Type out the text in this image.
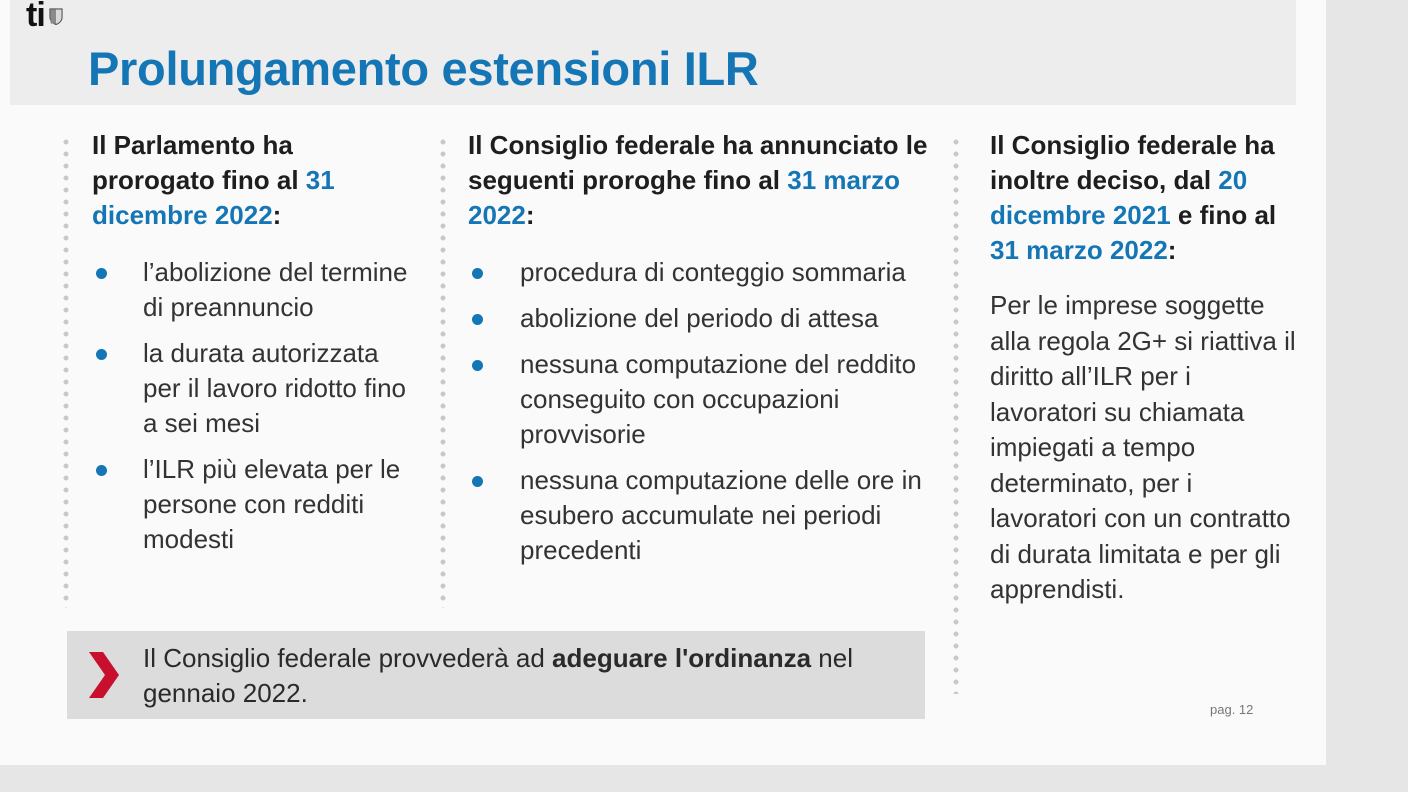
ti
Prolungamento estensioni ILR

Il Parlamento ha prorogato fino al 31 dicembre 2022:

l’abolizione del termine di preannuncio
la durata autorizzata per il lavoro ridotto fino a sei mesi
l’ILR più elevata per le persone con redditi modesti

Il Consiglio federale ha annunciato le seguenti proroghe fino al 31 marzo 2022:

procedura di conteggio sommaria
abolizione del periodo di attesa
nessuna computazione del reddito conseguito con occupazioni provvisorie
nessuna computazione delle ore in esubero accumulate nei periodi precedenti

Il Consiglio federale ha inoltre deciso, dal 20 dicembre 2021 e fino al 31 marzo 2022:

Per le imprese soggette alla regola 2G+ si riattiva il diritto all’ILR per i lavoratori su chiamata impiegati a tempo determinato, per i lavoratori con un contratto di durata limitata e per gli apprendisti.

Il Consiglio federale provvederà ad adeguare l'ordinanza nel gennaio 2022.
pag. 12
